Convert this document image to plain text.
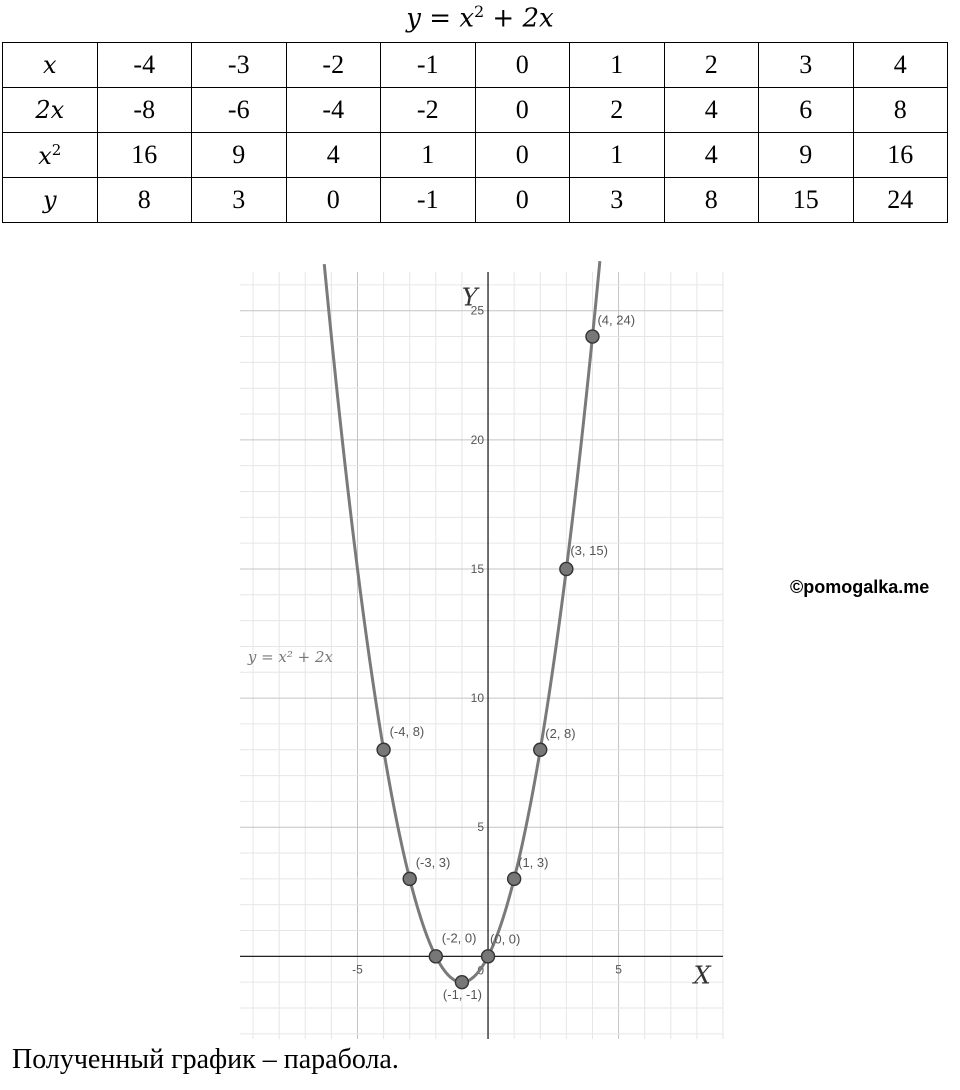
$y = x^2 + 2x$
x	-4	-3	-2	-1	0	1	2	3	4
2x	-8	-6	-4	-2	0	2	4	6	8
$x^2$	16	9	4	1	0	1	4	9	16
y	8	3	0	-1	0	3	8	15	24
-5	5
5
10
15
20
25
0	X
Y
y = x² + 2x
(-4, 8)
(-3, 3)
(-2, 0)
(-1, -1)
(0, 0)
(1, 3)
(2, 8)
(3, 15)
(4, 24)
©pomogalka.me
Полученный график – парабола.
